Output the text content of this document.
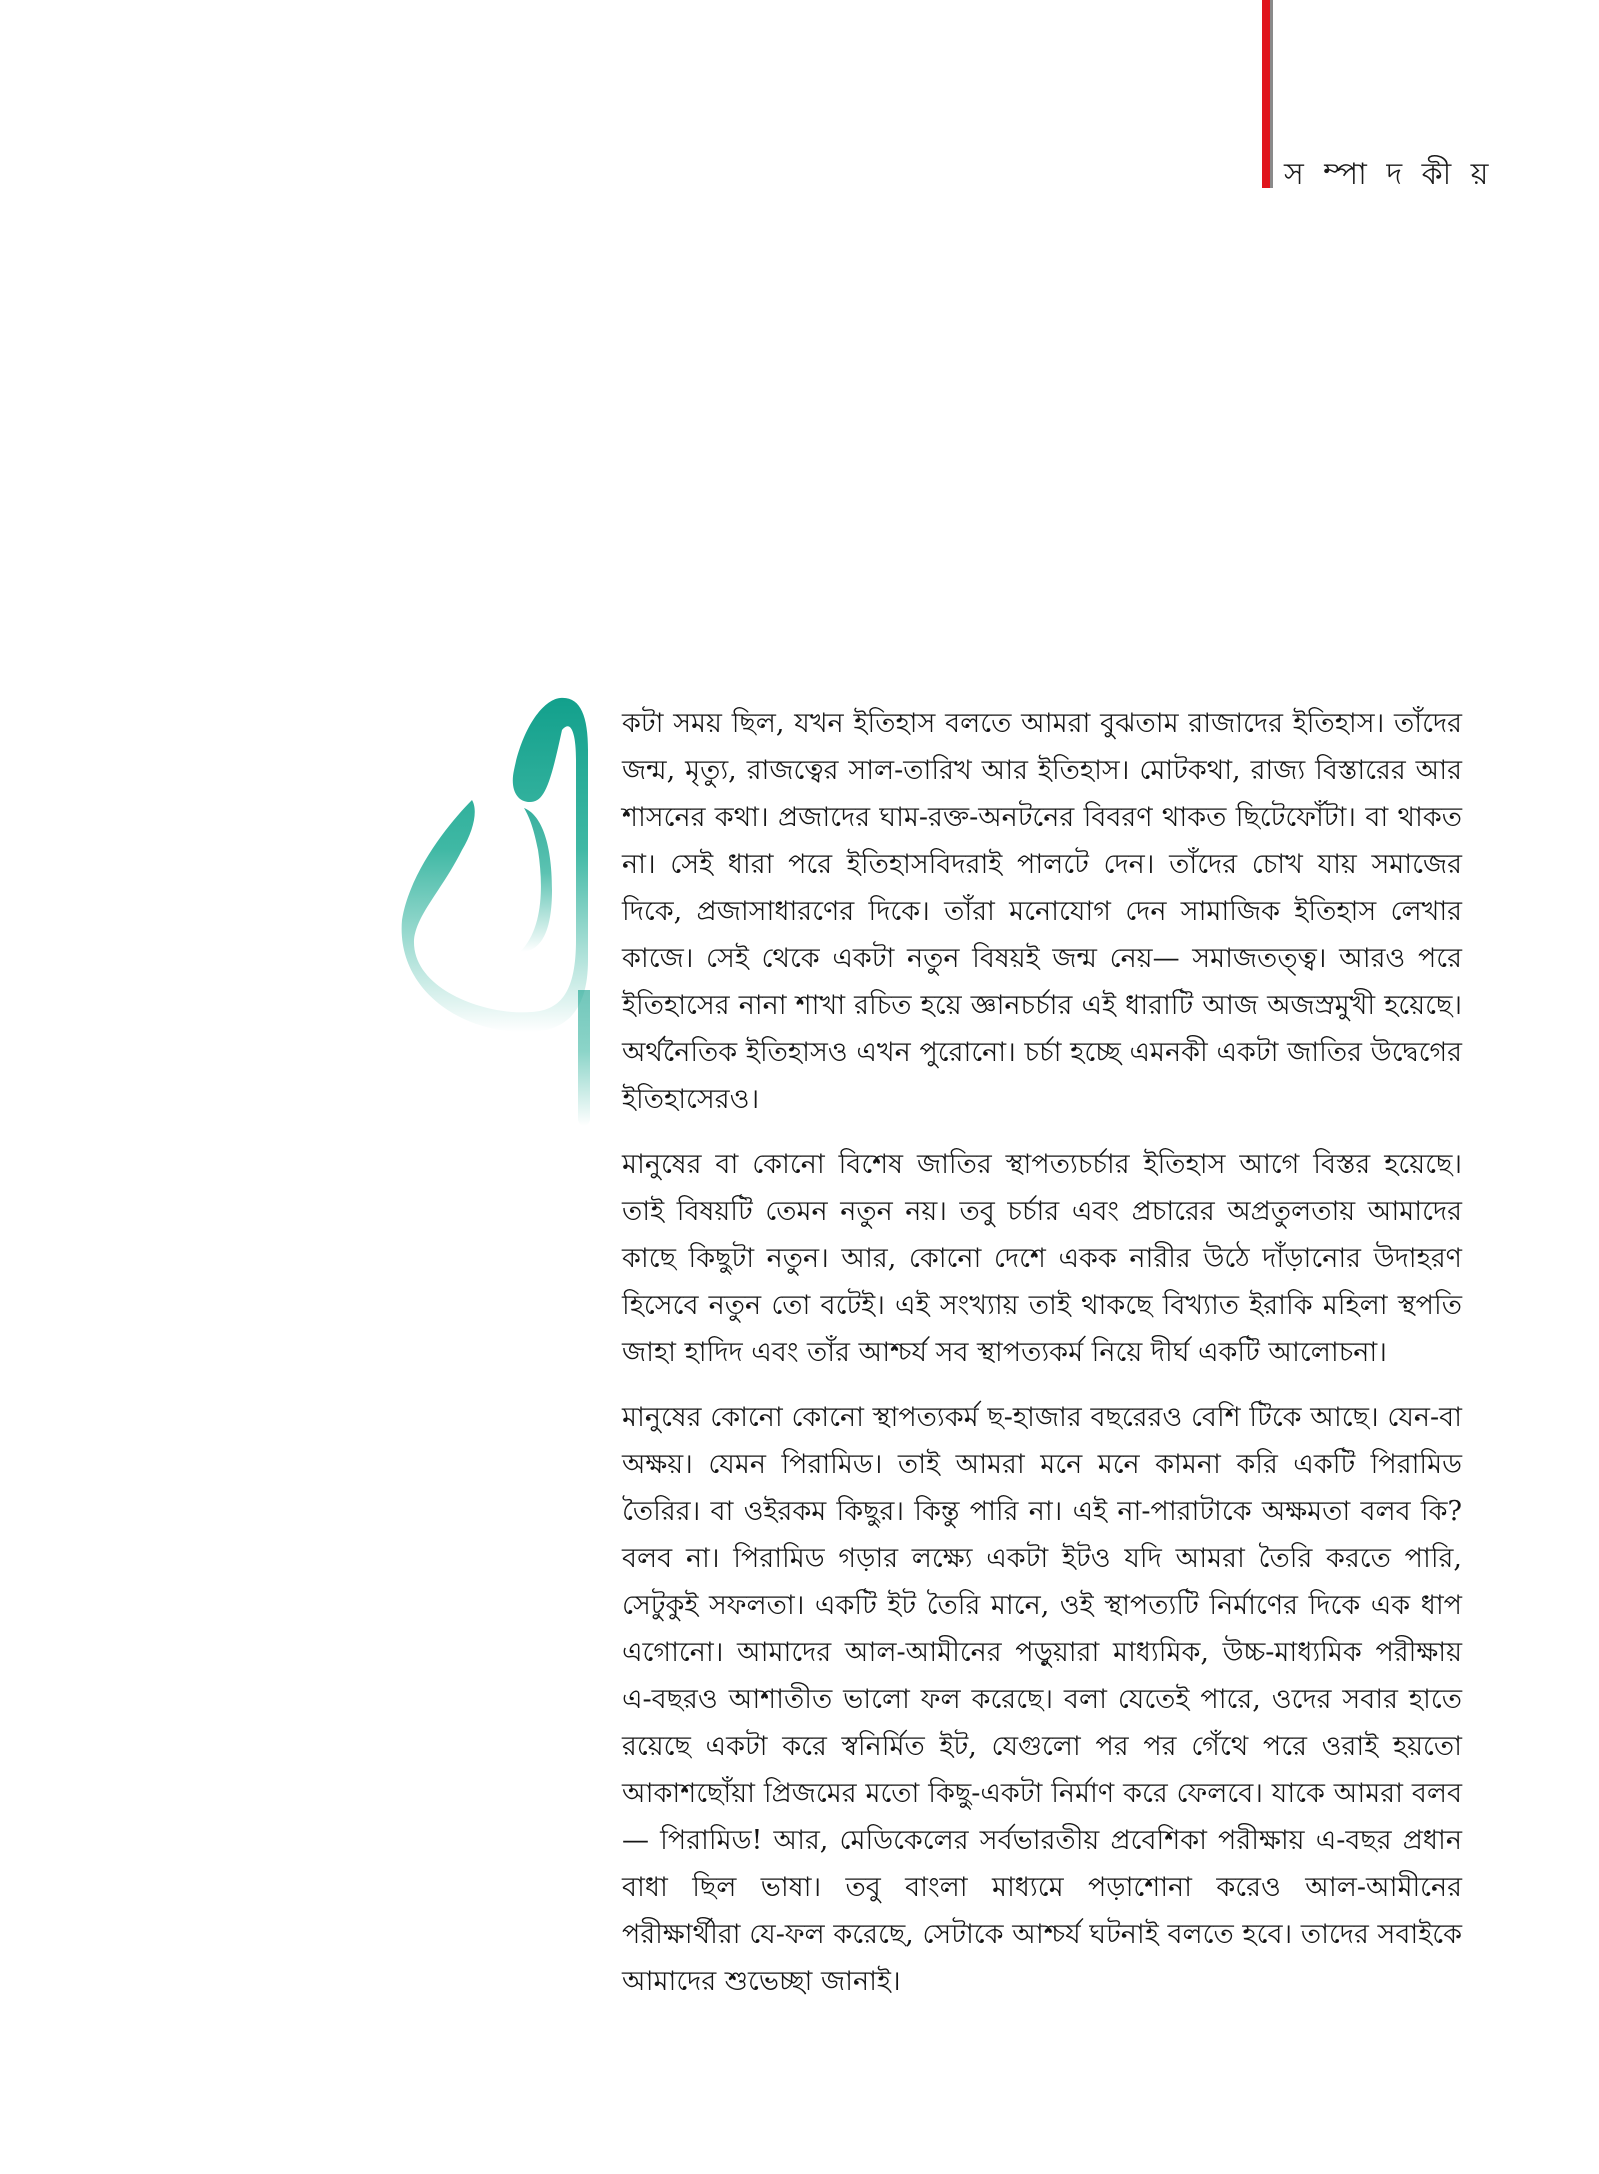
স ম্পা দ কী য়

কটা সময় ছিল, যখন ইতিহাস বলতে আমরা বুঝতাম রাজাদের ইতিহাস। তাঁদের জন্ম, মৃত্যু, রাজত্বের সাল-তারিখ আর ইতিহাস। মোটকথা, রাজ্য বিস্তারের আর শাসনের কথা। প্রজাদের ঘাম-রক্ত-অনটনের বিবরণ থাকত ছিটেফোঁটা। বা থাকত না। সেই ধারা পরে ইতিহাসবিদরাই পালটে দেন। তাঁদের চোখ যায় সমাজের দিকে, প্রজাসাধারণের দিকে। তাঁরা মনোযোগ দেন সামাজিক ইতিহাস লেখার কাজে। সেই থেকে একটা নতুন বিষয়ই জন্ম নেয়— সমাজতত্ত্ব। আরও পরে ইতিহাসের নানা শাখা রচিত হয়ে জ্ঞানচর্চার এই ধারাটি আজ অজস্রমুখী হয়েছে। অর্থনৈতিক ইতিহাসও এখন পুরোনো। চর্চা হচ্ছে এমনকী একটা জাতির উদ্বেগের ইতিহাসেরও।

মানুষের বা কোনো বিশেষ জাতির স্থাপত্যচর্চার ইতিহাস আগে বিস্তর হয়েছে। তাই বিষয়টি তেমন নতুন নয়। তবু চর্চার এবং প্রচারের অপ্রতুলতায় আমাদের কাছে কিছুটা নতুন। আর, কোনো দেশে একক নারীর উঠে দাঁড়ানোর উদাহরণ হিসেবে নতুন তো বটেই। এই সংখ্যায় তাই থাকছে বিখ্যাত ইরাকি মহিলা স্থপতি জাহা হাদিদ এবং তাঁর আশ্চর্য সব স্থাপত্যকর্ম নিয়ে দীর্ঘ একটি আলোচনা।

মানুষের কোনো কোনো স্থাপত্যকর্ম ছ-হাজার বছরেরও বেশি টিকে আছে। যেন-বা অক্ষয়। যেমন পিরামিড। তাই আমরা মনে মনে কামনা করি একটি পিরামিড তৈরির। বা ওইরকম কিছুর। কিন্তু পারি না। এই না-পারাটাকে অক্ষমতা বলব কি? বলব না। পিরামিড গড়ার লক্ষ্যে একটা ইটও যদি আমরা তৈরি করতে পারি, সেটুকুই সফলতা। একটি ইট তৈরি মানে, ওই স্থাপত্যটি নির্মাণের দিকে এক ধাপ এগোনো। আমাদের আল-আমীনের পড়ুয়ারা মাধ্যমিক, উচ্চ-মাধ্যমিক পরীক্ষায় এ-বছরও আশাতীত ভালো ফল করেছে। বলা যেতেই পারে, ওদের সবার হাতে রয়েছে একটা করে স্বনির্মিত ইট, যেগুলো পর পর গেঁথে পরে ওরাই হয়তো আকাশছোঁয়া প্রিজমের মতো কিছু-একটা নির্মাণ করে ফেলবে। যাকে আমরা বলব— পিরামিড! আর, মেডিকেলের সর্বভারতীয় প্রবেশিকা পরীক্ষায় এ-বছর প্রধান বাধা ছিল ভাষা। তবু বাংলা মাধ্যমে পড়াশোনা করেও আল-আমীনের পরীক্ষার্থীরা যে-ফল করেছে, সেটাকে আশ্চর্য ঘটনাই বলতে হবে। তাদের সবাইকে আমাদের শুভেচ্ছা জানাই।
